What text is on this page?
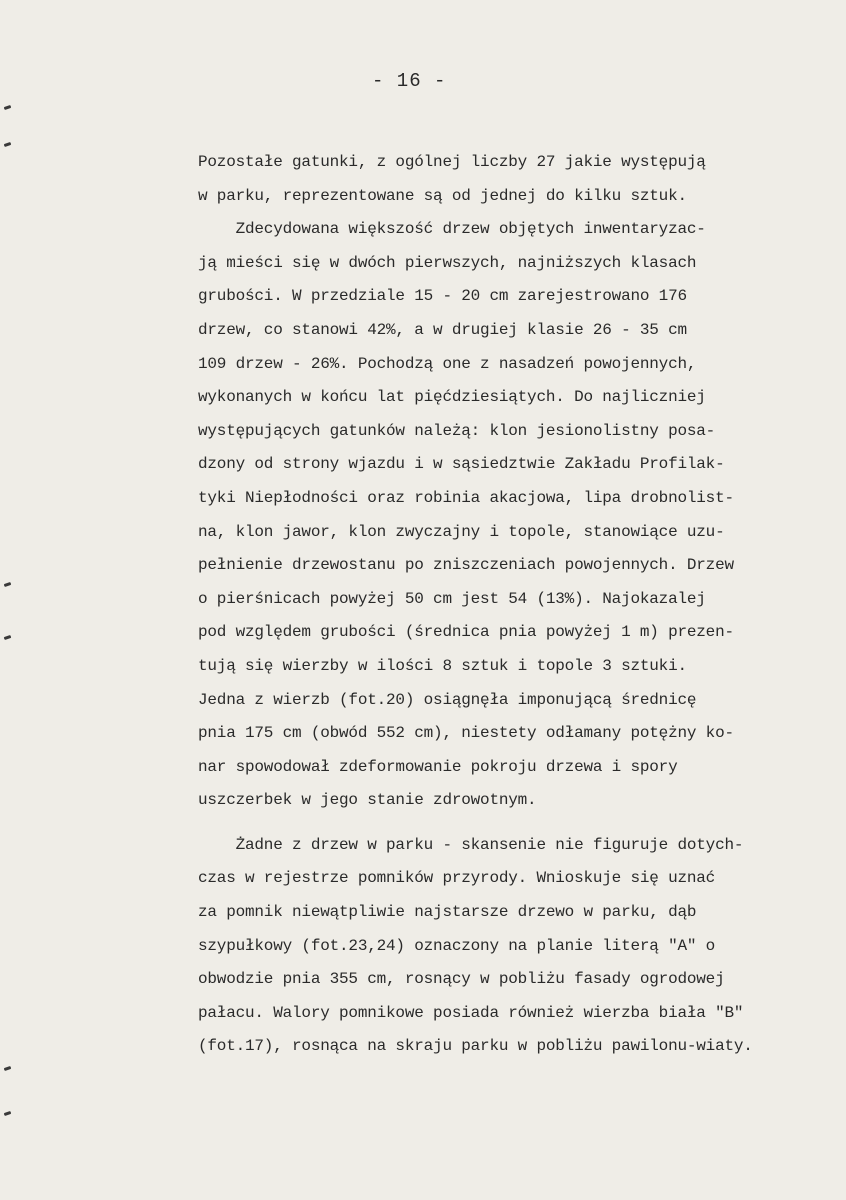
- 16 -
Pozostałe gatunki, z ogólnej liczby 27 jakie występują
w parku, reprezentowane są od jednej do kilku sztuk.
Zdecydowana większość drzew objętych inwentaryzac-
ją mieści się w dwóch pierwszych, najniższych klasach
grubości. W przedziale 15 - 20 cm zarejestrowano 176
drzew, co stanowi 42%, a w drugiej klasie 26 - 35 cm
109 drzew - 26%. Pochodzą one z nasadzeń powojennych,
wykonanych w końcu lat pięćdziesiątych. Do najliczniej
występujących gatunków należą: klon jesionolistny posa-
dzony od strony wjazdu i w sąsiedztwie Zakładu Profilak-
tyki Niepłodności oraz robinia akacjowa, lipa drobnolist-
na, klon jawor, klon zwyczajny i topole, stanowiące uzu-
pełnienie drzewostanu po zniszczeniach powojennych. Drzew
o pierśnicach powyżej 50 cm jest 54 (13%). Najokazalej
pod względem grubości (średnica pnia powyżej 1 m) prezen-
tują się wierzby w ilości 8 sztuk i topole 3 sztuki.
Jedna z wierzb (fot.20) osiągnęła imponującą średnicę
pnia 175 cm (obwód 552 cm), niestety odłamany potężny ko-
nar spowodował zdeformowanie pokroju drzewa i spory
uszczerbek w jego stanie zdrowotnym.
Żadne z drzew w parku - skansenie nie figuruje dotych-
czas w rejestrze pomników przyrody. Wnioskuje się uznać
za pomnik niewątpliwie najstarsze drzewo w parku, dąb
szypułkowy (fot.23,24) oznaczony na planie literą "A" o
obwodzie pnia 355 cm, rosnący w pobliżu fasady ogrodowej
pałacu. Walory pomnikowe posiada również wierzba biała "B"
(fot.17), rosnąca na skraju parku w pobliżu pawilonu-wiaty.
